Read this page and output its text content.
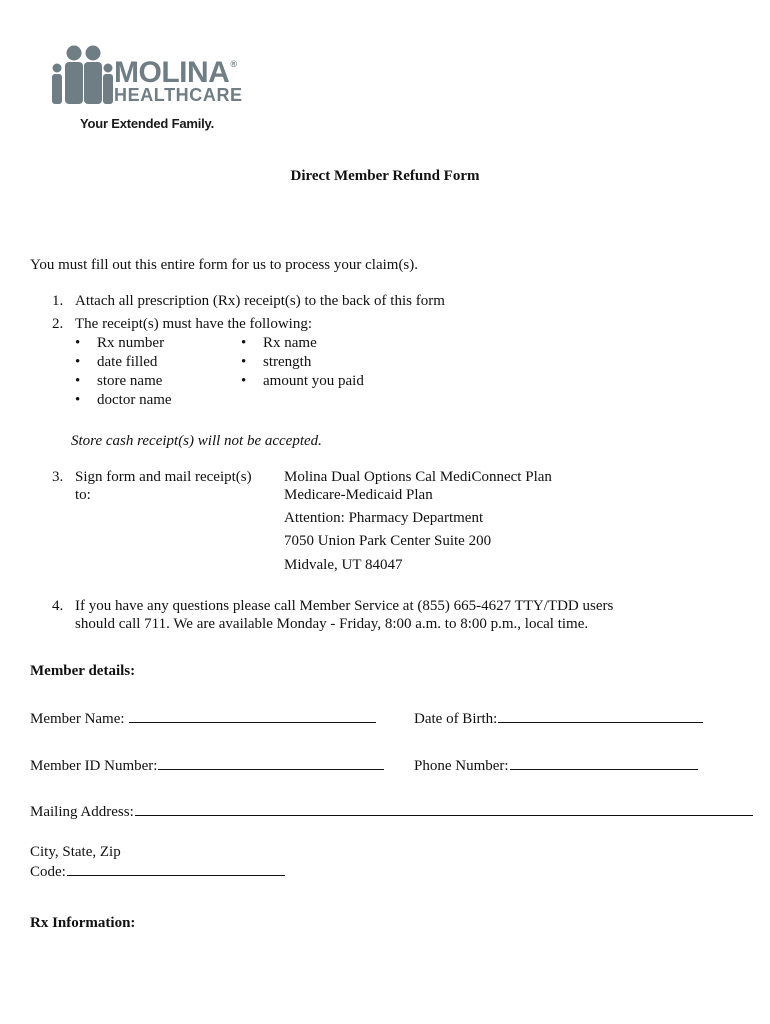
MOLINA®
HEALTHCARE
Your Extended Family.
Direct Member Refund Form
You must fill out this entire form for us to process your claim(s).
1. Attach all prescription (Rx) receipt(s) to the back of this form
2. The receipt(s) must have the following:
• Rx number
• date filled
• store name
• doctor name
• Rx name
• strength
• amount you paid
Store cash receipt(s) will not be accepted.
3. Sign form and mail receipt(s)
to:
Molina Dual Options Cal MediConnect Plan
Medicare-Medicaid Plan
Attention: Pharmacy Department
7050 Union Park Center Suite 200
Midvale, UT 84047
4. If you have any questions please call Member Service at (855) 665-4627 TTY/TDD users
should call 711. We are available Monday - Friday, 8:00 a.m. to 8:00 p.m., local time.
Member details:
Member Name:	Date of Birth:
Member ID Number:	Phone Number:
Mailing Address:
City, State, Zip
Code:
Rx Information:
